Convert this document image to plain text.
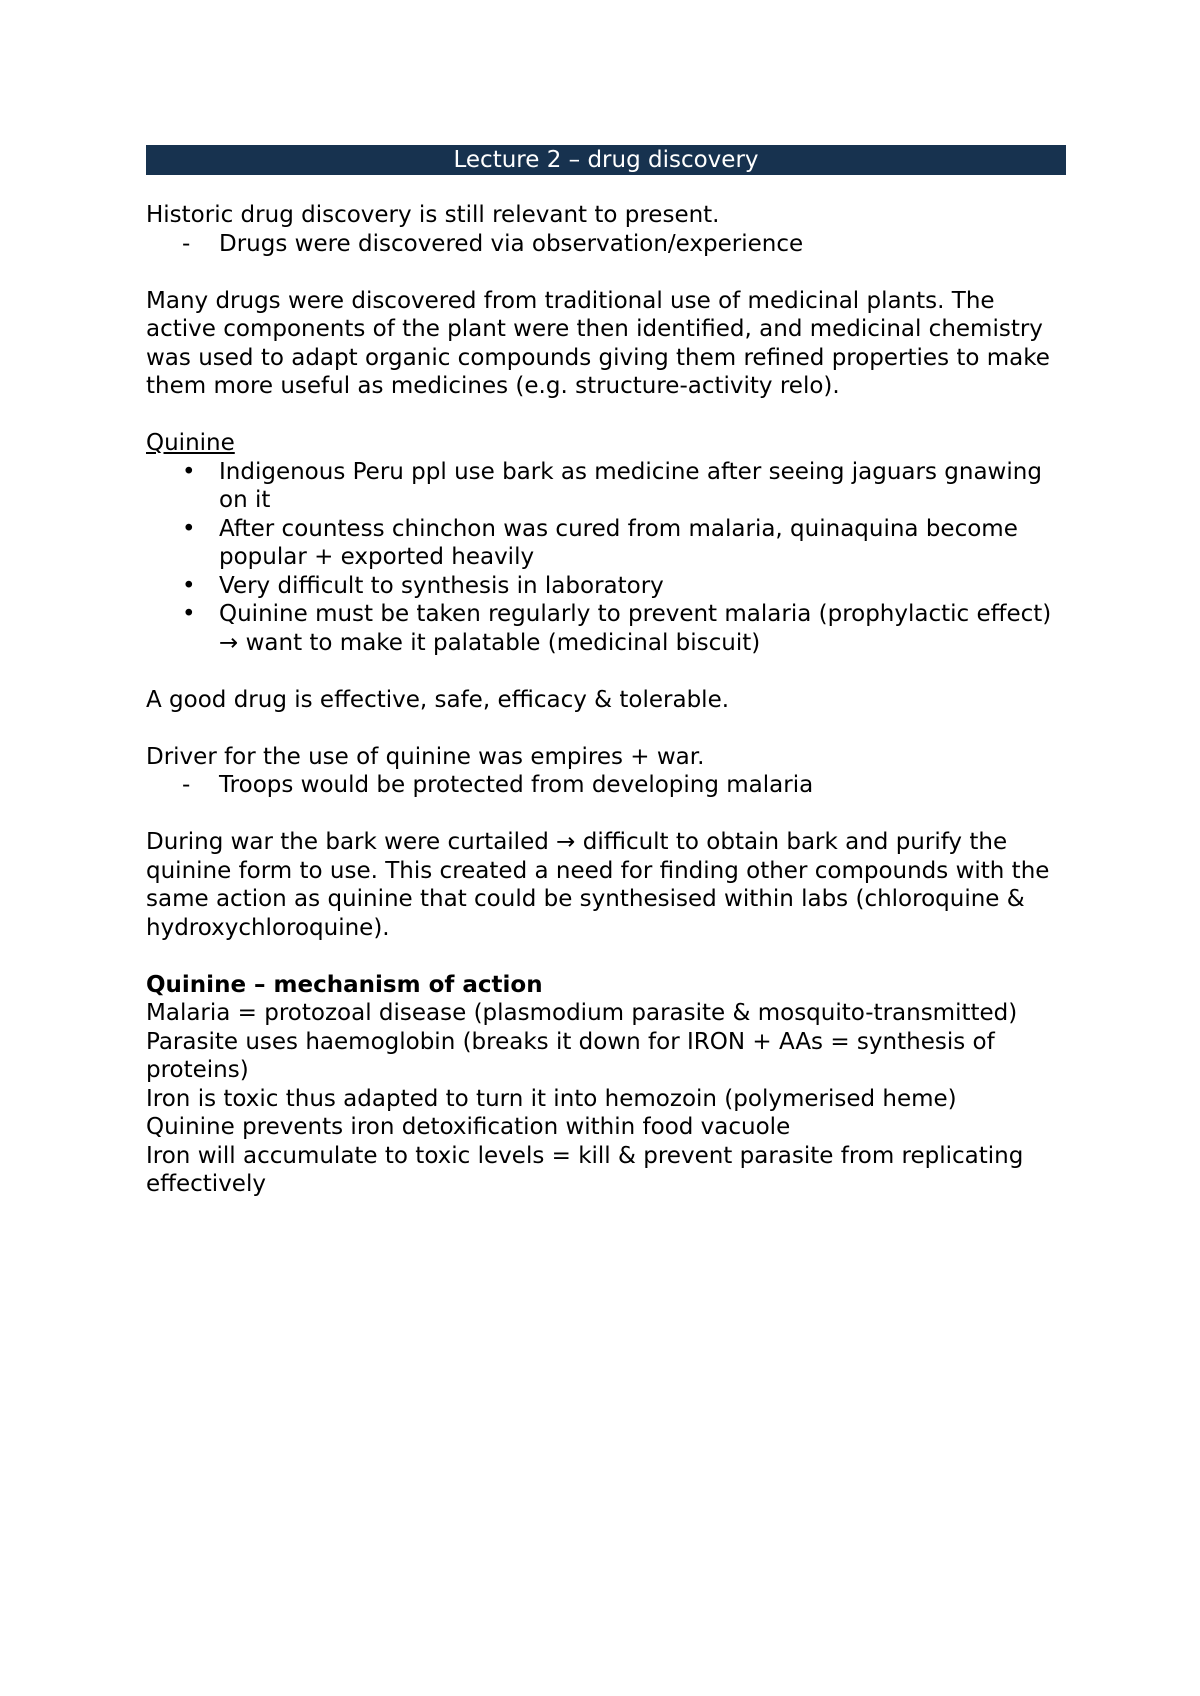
Lecture 2 – drug discovery

Historic drug discovery is still relevant to present.

- Drugs were discovered via observation/experience

Many drugs were discovered from traditional use of medicinal plants. The active components of the plant were then identified, and medicinal chemistry was used to adapt organic compounds giving them refined properties to make them more useful as medicines (e.g. structure-activity relo).

Quinine

• Indigenous Peru ppl use bark as medicine after seeing jaguars gnawing on it
• After countess chinchon was cured from malaria, quinaquina become popular + exported heavily
• Very difficult to synthesis in laboratory
• Quinine must be taken regularly to prevent malaria (prophylactic effect) → want to make it palatable (medicinal biscuit)

A good drug is effective, safe, efficacy & tolerable.

Driver for the use of quinine was empires + war.

- Troops would be protected from developing malaria

During war the bark were curtailed → difficult to obtain bark and purify the quinine form to use. This created a need for finding other compounds with the same action as quinine that could be synthesised within labs (chloroquine & hydroxychloroquine).

Quinine – mechanism of action

Malaria = protozoal disease (plasmodium parasite & mosquito-transmitted)

Parasite uses haemoglobin (breaks it down for IRON + AAs = synthesis of proteins)

Iron is toxic thus adapted to turn it into hemozoin (polymerised heme)

Quinine prevents iron detoxification within food vacuole

Iron will accumulate to toxic levels = kill & prevent parasite from replicating effectively
